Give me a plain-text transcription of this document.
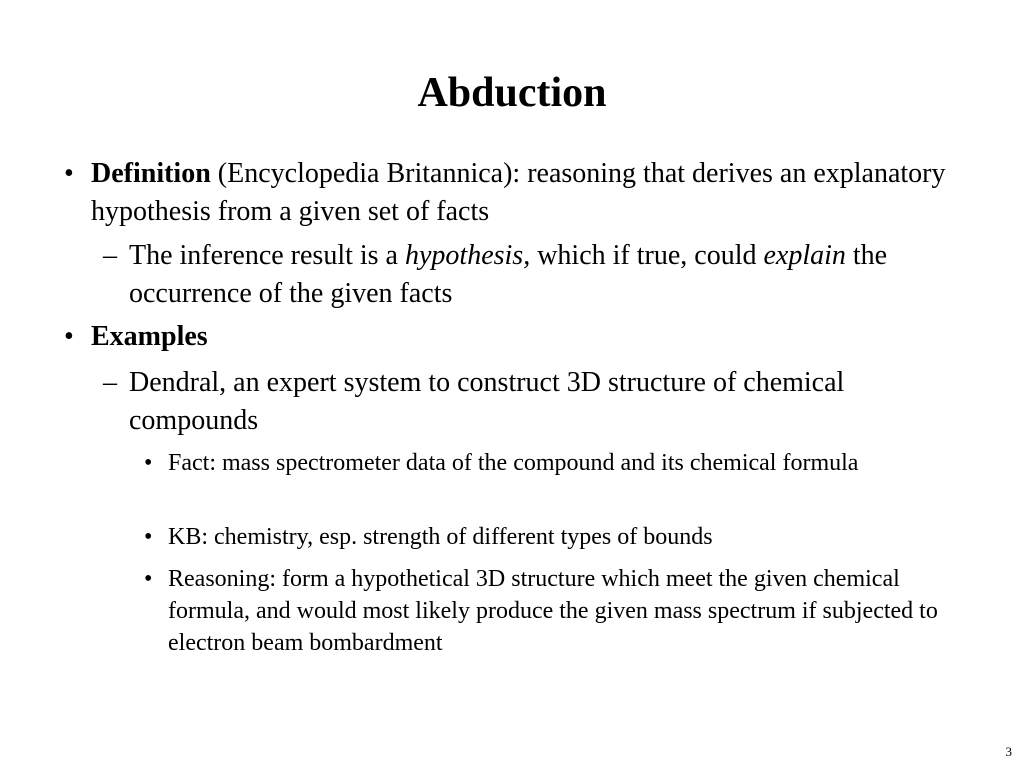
Abduction

• Definition (Encyclopedia Britannica): reasoning that derives an explanatory hypothesis from a given set of facts

– The inference result is a hypothesis, which if true, could explain the occurrence of the given facts

• Examples

– Dendral, an expert system to construct 3D structure of chemical compounds

• Fact: mass spectrometer data of the compound and its chemical formula

• KB: chemistry, esp. strength of different types of bounds

• Reasoning: form a hypothetical 3D structure which meet the given chemical formula, and would most likely produce the given mass spectrum if subjected to electron beam bombardment

3
